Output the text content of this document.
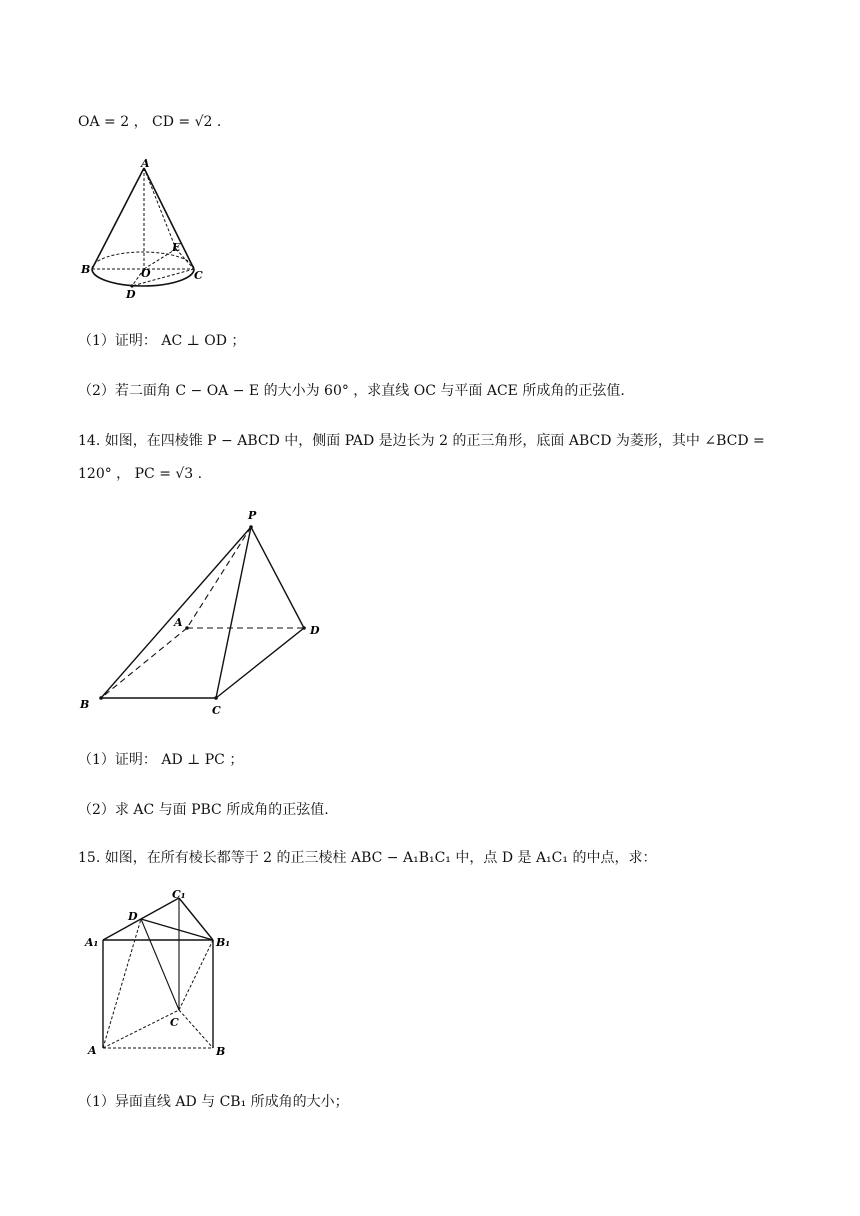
OA = 2 ， CD = √2 .
A
B	C
O
E
D
（1）证明： AC ⊥ OD ；
（2）若二面角 C − OA − E 的大小为 60° ，求直线 OC 与平面 ACE 所成角的正弦值.
14. 如图，在四棱锥 P − ABCD 中，侧面 PAD 是边长为 2 的正三角形，底面 ABCD 为菱形，其中 ∠BCD =
120° ， PC = √3 .
P
A
D
B	C
（1）证明： AD ⊥ PC ；
（2）求 AC 与面 PBC 所成角的正弦值.
15. 如图，在所有棱长都等于 2 的正三棱柱 ABC − A₁B₁C₁ 中，点 D 是 A₁C₁ 的中点，求：
C₁
D
A₁	B₁
C
A	B
（1）异面直线 AD 与 CB₁ 所成角的大小；
